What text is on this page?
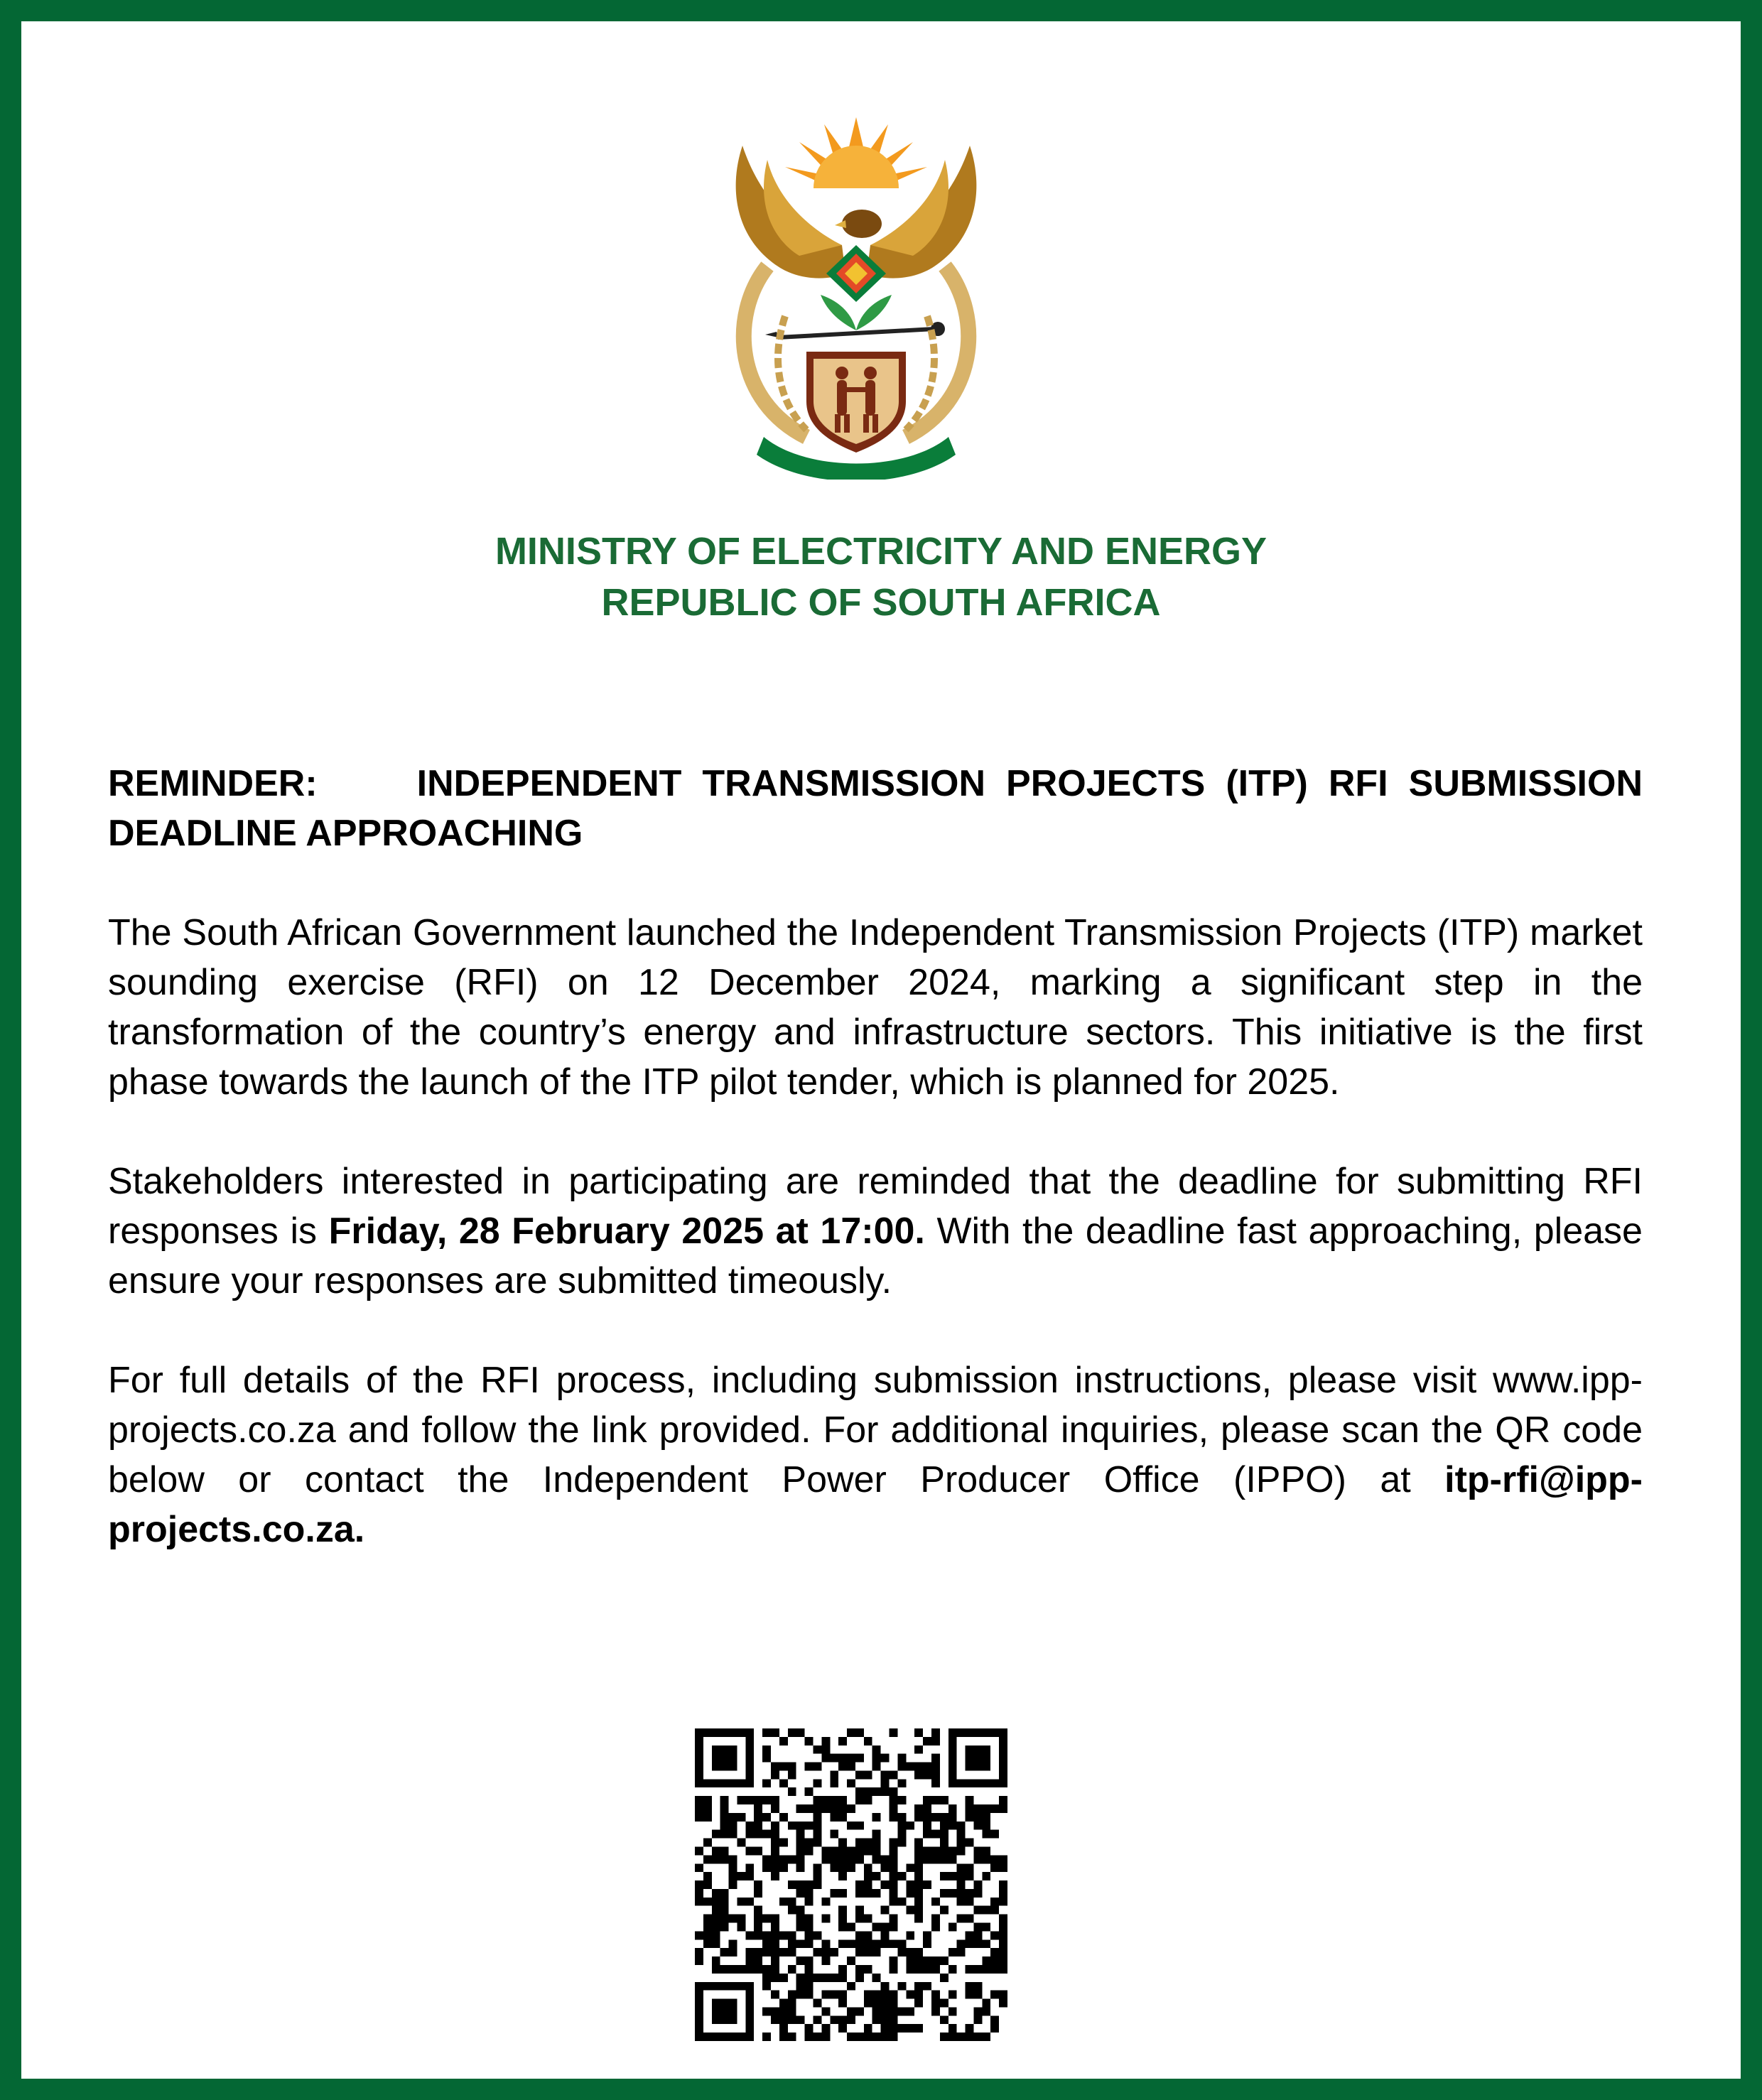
MINISTRY OF ELECTRICITY AND ENERGY
REPUBLIC OF SOUTH AFRICA

REMINDER:	INDEPENDENT TRANSMISSION PROJECTS (ITP) RFI SUBMISSION DEADLINE APPROACHING

The South African Government launched the Independent Transmission Projects (ITP) market sounding exercise (RFI) on 12 December 2024, marking a significant step in the transformation of the country’s energy and infrastructure sectors. This initiative is the first phase towards the launch of the ITP pilot tender, which is planned for 2025.

Stakeholders interested in participating are reminded that the deadline for submitting RFI responses is Friday, 28 February 2025 at 17:00. With the deadline fast approaching, please ensure your responses are submitted timeously.

For full details of the RFI process, including submission instructions, please visit www.ipp-projects.co.za and follow the link provided. For additional inquiries, please scan the QR code below or contact the Independent Power Producer Office (IPPO) at itp-rfi@ipp-projects.co.za.
